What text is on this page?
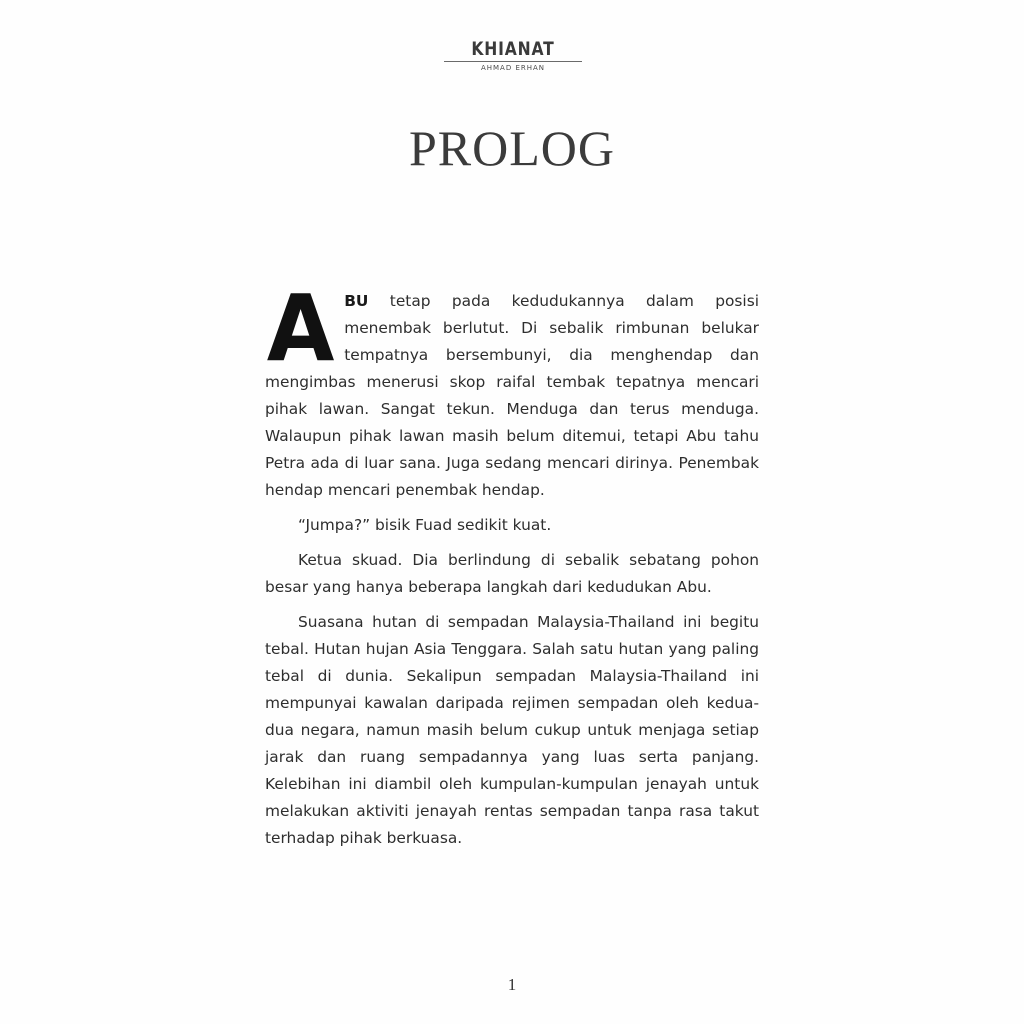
KHIANAT
AHMAD ERHAN
PROLOG

ABU tetap pada kedudukannya dalam posisi menembak berlutut. Di sebalik rimbunan belukar tempatnya bersembunyi, dia menghendap dan mengimbas menerusi skop raifal tembak tepatnya mencari pihak lawan. Sangat tekun. Menduga dan terus menduga. Walaupun pihak lawan masih belum ditemui, tetapi Abu tahu Petra ada di luar sana. Juga sedang mencari dirinya. Penembak hendap mencari penembak hendap.

“Jumpa?” bisik Fuad sedikit kuat.

Ketua skuad. Dia berlindung di sebalik sebatang pohon besar yang hanya beberapa langkah dari kedudukan Abu.

Suasana hutan di sempadan Malaysia-Thailand ini begitu tebal. Hutan hujan Asia Tenggara. Salah satu hutan yang paling tebal di dunia. Sekalipun sempadan Malaysia-Thailand ini mempunyai kawalan daripada rejimen sempadan oleh kedua-dua negara, namun masih belum cukup untuk menjaga setiap jarak dan ruang sempadannya yang luas serta panjang. Kelebihan ini diambil oleh kumpulan-kumpulan jenayah untuk melakukan aktiviti jenayah rentas sempadan tanpa rasa takut terhadap pihak berkuasa.

1
